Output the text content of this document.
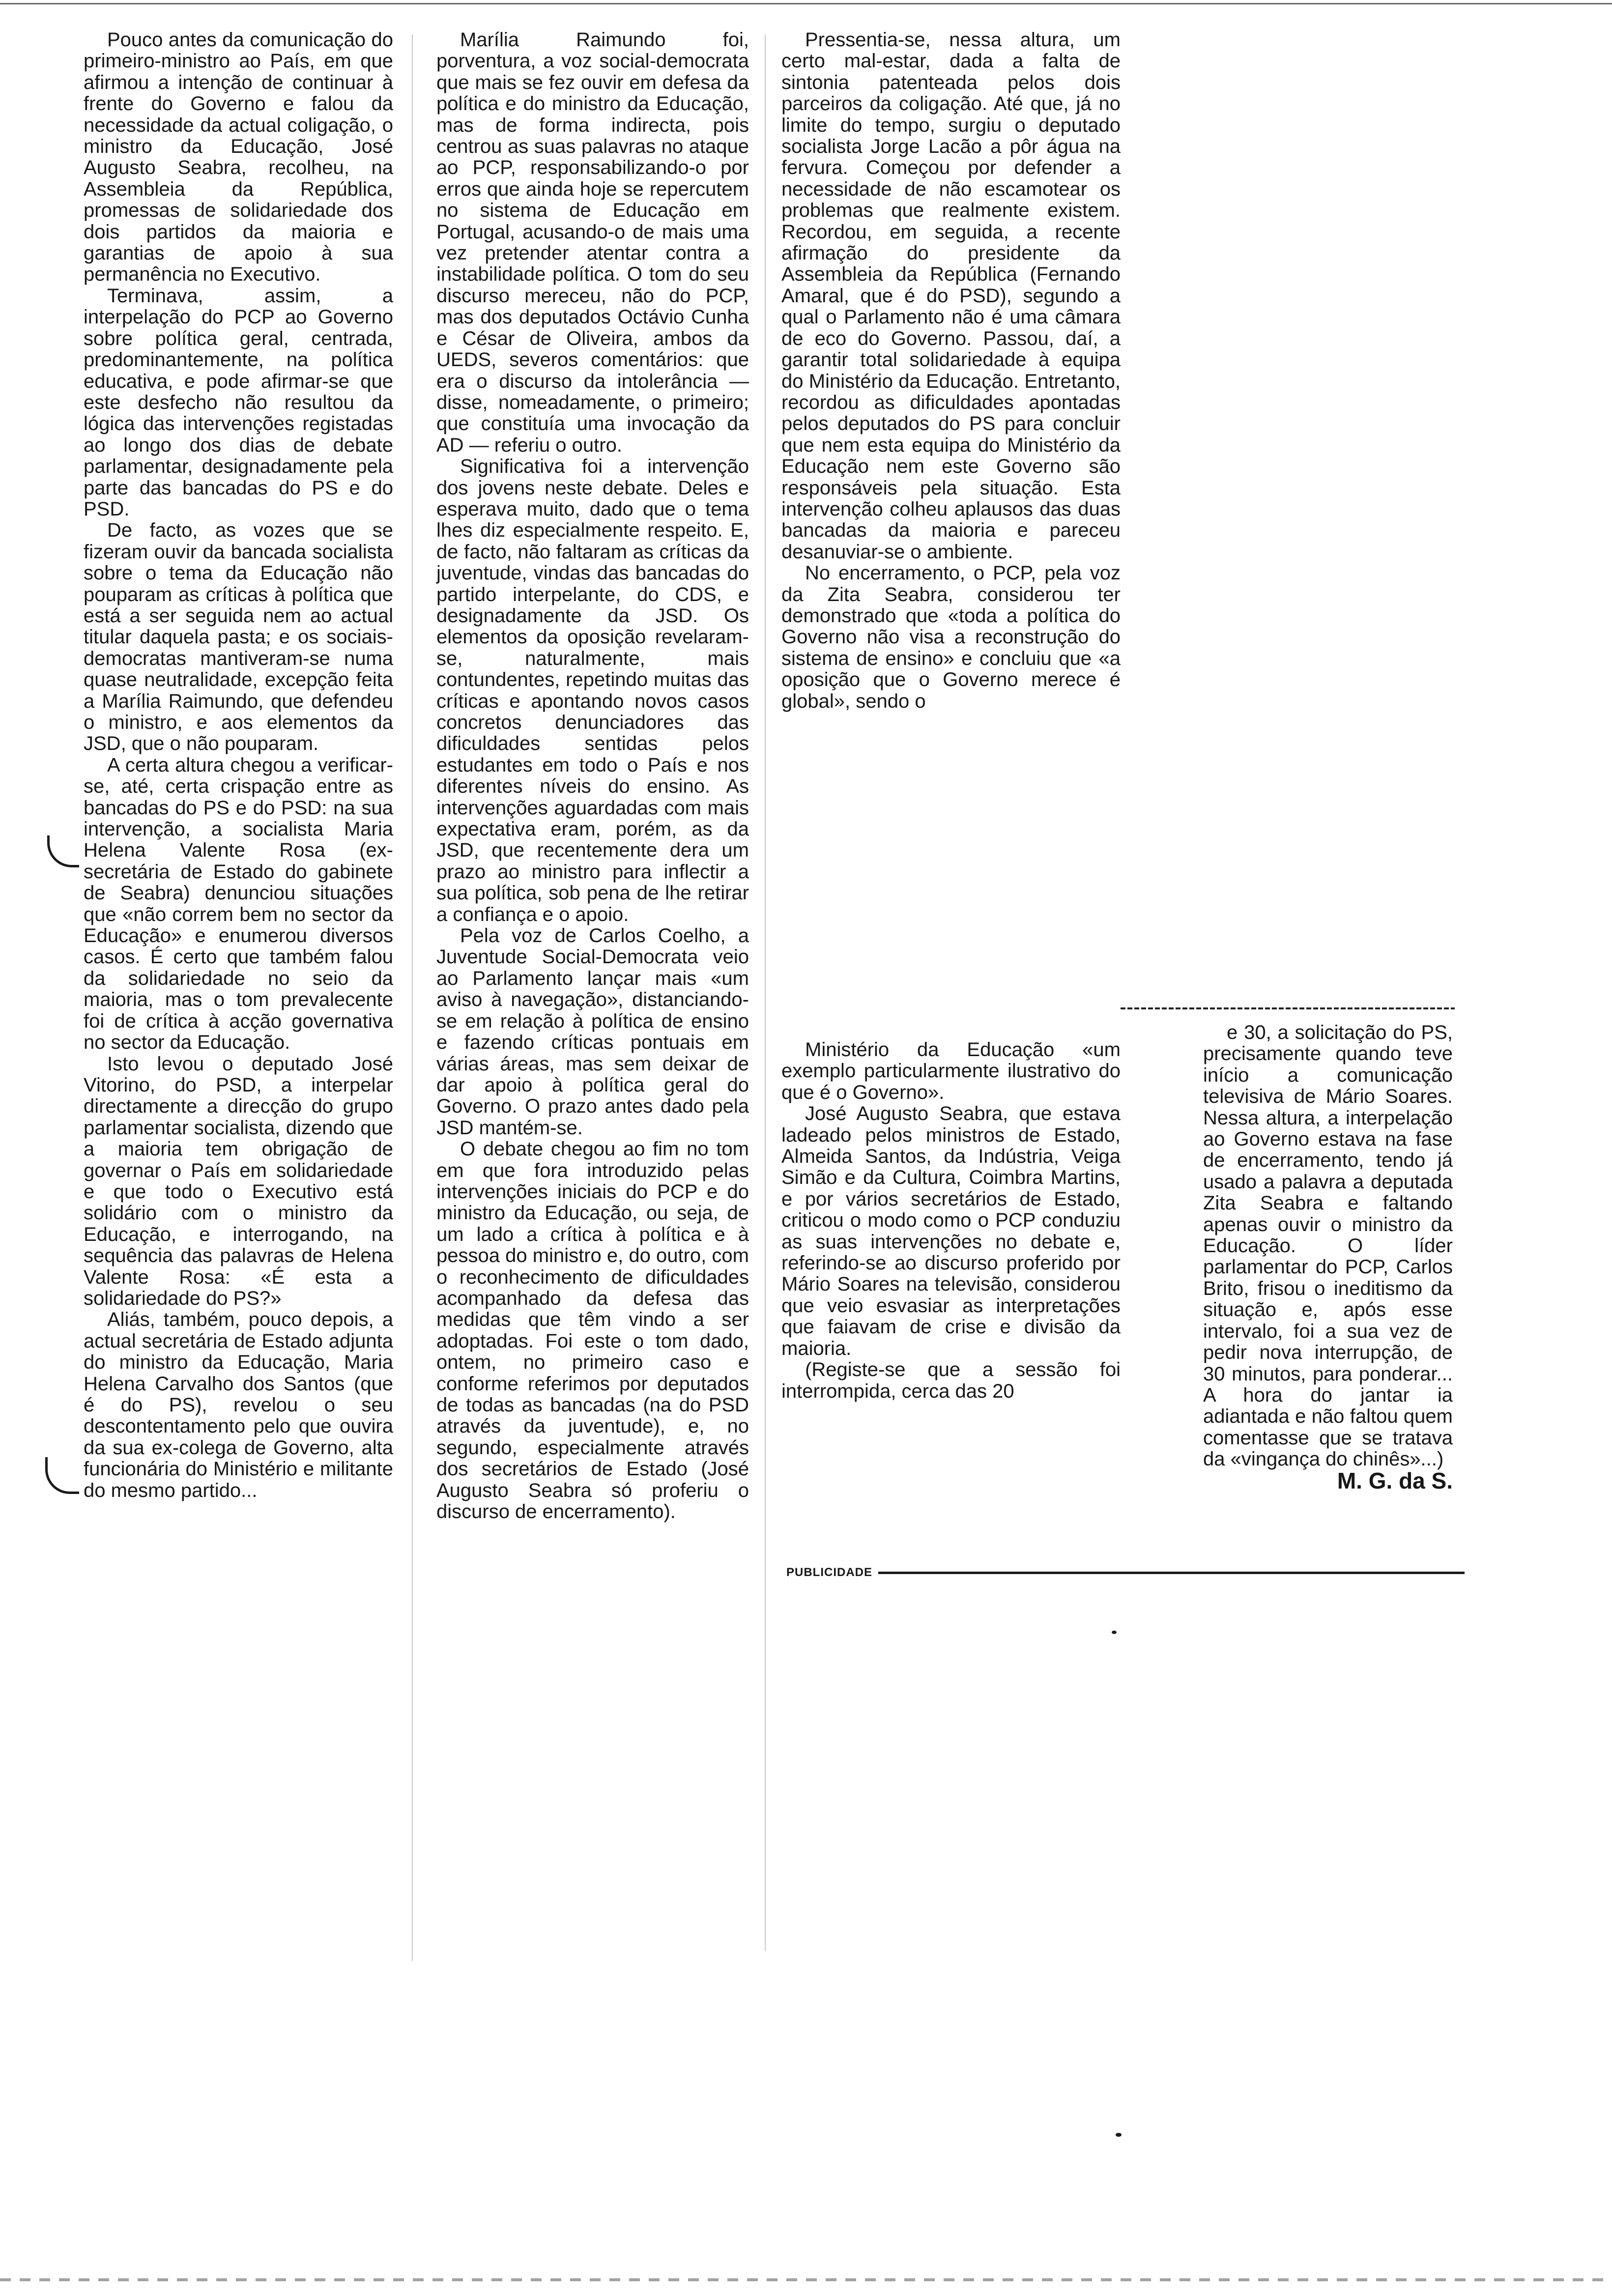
Pouco antes da comunicação do primeiro-ministro ao País, em que afirmou a intenção de continuar à frente do Governo e falou da necessidade da actual coligação, o ministro da Educação, José Augusto Seabra, recolheu, na Assembleia da República, promessas de solidariedade dos dois partidos da maioria e garantias de apoio à sua permanência no Executivo.

Terminava, assim, a interpelação do PCP ao Governo sobre política geral, centrada, predominantemente, na política educativa, e pode afirmar-se que este desfecho não resultou da lógica das intervenções registadas ao longo dos dias de debate parlamentar, designadamente pela parte das bancadas do PS e do PSD.

De facto, as vozes que se fizeram ouvir da bancada socialista sobre o tema da Educação não pouparam as críticas à política que está a ser seguida nem ao actual titular daquela pasta; e os sociais-democratas mantiveram-se numa quase neutralidade, excepção feita a Marília Raimundo, que defendeu o ministro, e aos elementos da JSD, que o não pouparam.

A certa altura chegou a verificar-se, até, certa crispação entre as bancadas do PS e do PSD: na sua intervenção, a socialista Maria Helena Valente Rosa (ex-secretária de Estado do gabinete de Seabra) denunciou situações que «não correm bem no sector da Educação» e enumerou diversos casos. É certo que também falou da solidariedade no seio da maioria, mas o tom prevalecente foi de crítica à acção governativa no sector da Educação.

Isto levou o deputado José Vitorino, do PSD, a interpelar directamente a direcção do grupo parlamentar socialista, dizendo que a maioria tem obrigação de governar o País em solidariedade e que todo o Executivo está solidário com o ministro da Educação, e interrogando, na sequência das palavras de Helena Valente Rosa: «É esta a solidariedade do PS?»

Aliás, também, pouco depois, a actual secretária de Estado adjunta do ministro da Educação, Maria Helena Carvalho dos Santos (que é do PS), revelou o seu descontentamento pelo que ouvira da sua ex-colega de Governo, alta funcionária do Ministério e militante do mesmo partido...

Marília Raimundo foi, porventura, a voz social-democrata que mais se fez ouvir em defesa da política e do ministro da Educação, mas de forma indirecta, pois centrou as suas palavras no ataque ao PCP, responsabilizando-o por erros que ainda hoje se repercutem no sistema de Educação em Portugal, acusando-o de mais uma vez pretender atentar contra a instabilidade política. O tom do seu discurso mereceu, não do PCP, mas dos deputados Octávio Cunha e César de Oliveira, ambos da UEDS, severos comentários: que era o discurso da intolerância — disse, nomeadamente, o primeiro; que constituía uma invocação da AD — referiu o outro.

Significativa foi a intervenção dos jovens neste debate. Deles e esperava muito, dado que o tema lhes diz especialmente respeito. E, de facto, não faltaram as críticas da juventude, vindas das bancadas do partido interpelante, do CDS, e designadamente da JSD. Os elementos da oposição revelaram-se, naturalmente, mais contundentes, repetindo muitas das críticas e apontando novos casos concretos denunciadores das dificuldades sentidas pelos estudantes em todo o País e nos diferentes níveis do ensino. As intervenções aguardadas com mais expectativa eram, porém, as da JSD, que recentemente dera um prazo ao ministro para inflectir a sua política, sob pena de lhe retirar a confiança e o apoio.

Pela voz de Carlos Coelho, a Juventude Social-Democrata veio ao Parlamento lançar mais «um aviso à navegação», distanciando-se em relação à política de ensino e fazendo críticas pontuais em várias áreas, mas sem deixar de dar apoio à política geral do Governo. O prazo antes dado pela JSD mantém-se.

O debate chegou ao fim no tom em que fora introduzido pelas intervenções iniciais do PCP e do ministro da Educação, ou seja, de um lado a crítica à política e à pessoa do ministro e, do outro, com o reconhecimento de dificuldades acompanhado da defesa das medidas que têm vindo a ser adoptadas. Foi este o tom dado, ontem, no primeiro caso e conforme referimos por deputados de todas as bancadas (na do PSD através da juventude), e, no segundo, especialmente através dos secretários de Estado (José Augusto Seabra só proferiu o discurso de encerramento).

Pressentia-se, nessa altura, um certo mal-estar, dada a falta de sintonia patenteada pelos dois parceiros da coligação. Até que, já no limite do tempo, surgiu o deputado socialista Jorge Lacão a pôr água na fervura. Começou por defender a necessidade de não escamotear os problemas que realmente existem. Recordou, em seguida, a recente afirmação do presidente da Assembleia da República (Fernando Amaral, que é do PSD), segundo a qual o Parlamento não é uma câmara de eco do Governo. Passou, daí, a garantir total solidariedade à equipa do Ministério da Educação. Entretanto, recordou as dificuldades apontadas pelos deputados do PS para concluir que nem esta equipa do Ministério da Educação nem este Governo são responsáveis pela situação. Esta intervenção colheu aplausos das duas bancadas da maioria e pareceu desanuviar-se o ambiente.

No encerramento, o PCP, pela voz da Zita Seabra, considerou ter demonstrado que «toda a política do Governo não visa a reconstrução do sistema de ensino» e concluiu que «a oposição que o Governo merece é global», sendo o

Ministério da Educação «um exemplo particularmente ilustrativo do que é o Governo».

José Augusto Seabra, que estava ladeado pelos ministros de Estado, Almeida Santos, da Indústria, Veiga Simão e da Cultura, Coimbra Martins, e por vários secretários de Estado, criticou o modo como o PCP conduziu as suas intervenções no debate e, referindo-se ao discurso proferido por Mário Soares na televisão, considerou que veio esvasiar as interpretações que faiavam de crise e divisão da maioria.

(Registe-se que a sessão foi interrompida, cerca das 20

e 30, a solicitação do PS, precisamente quando teve início a comunicação televisiva de Mário Soares. Nessa altura, a interpelação ao Governo estava na fase de encerramento, tendo já usado a palavra a deputada Zita Seabra e faltando apenas ouvir o ministro da Educação. O líder parlamentar do PCP, Carlos Brito, frisou o ineditismo da situação e, após esse intervalo, foi a sua vez de pedir nova interrupção, de 30 minutos, para ponderar... A hora do jantar ia adiantada e não faltou quem comentasse que se tratava da «vingança do chinês»...)

M. G. da S.

PUBLICIDADE
